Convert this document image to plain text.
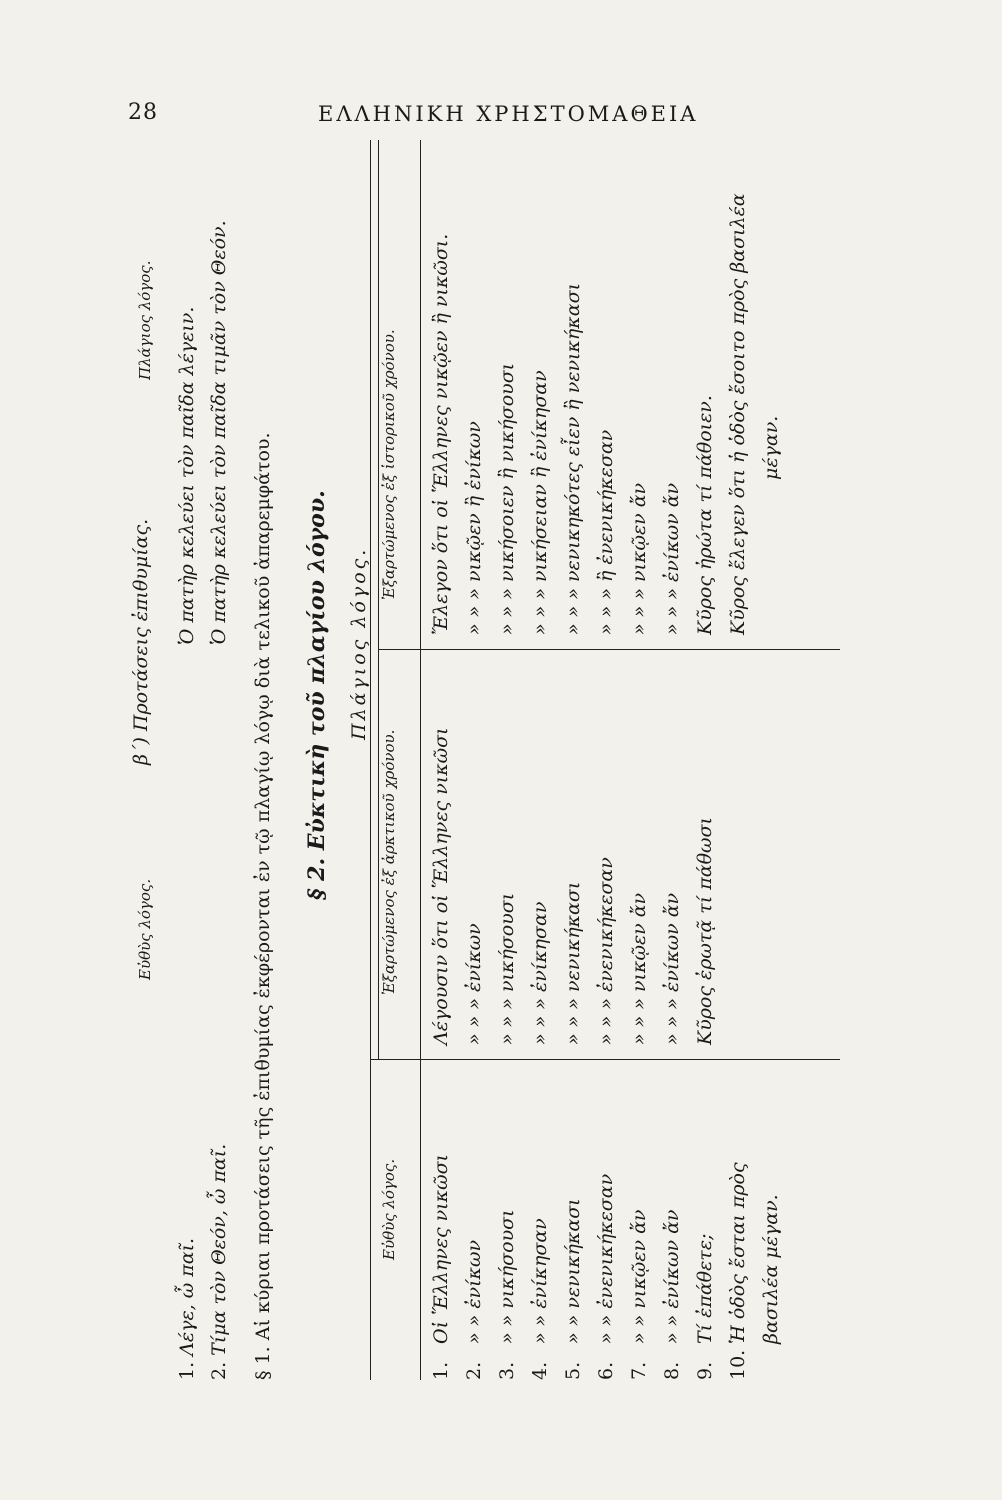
28	ΕΛΛΗΝΙΚΗ ΧΡΗΣΤΟΜΑΘΕΙΑ
Εὐθὺς λόγος.
β΄) Προτάσεις ἐπιθυμίας.
Πλάγιος λόγος.
1. Λέγε, ὦ παῖ.
2. Τίμα τὸν Θεόν, ὦ παῖ.
Ὁ πατὴρ κελεύει τὸν παῖδα λέγειν. Ὁ πατὴρ κελεύει τὸν παῖδα τιμᾶν τὸν Θεόν.
§ 1. Αἱ κύριαι προτάσεις τῆς ἐπιθυμίας ἐκφέρονται ἐν τῷ πλαγίῳ λόγῳ διὰ τελικοῦ ἀπαρεμφάτου. § 2. Εὐκτικὴ τοῦ πλαγίου λόγου.
Εὐθὺς λόγος.
Πλάγιος λόγος.
Ἐξαρτώμενος ἐξ ἀρκτικοῦ χρόνου.
Ἐξαρτώμενος ἐξ ἱστορικοῦ χρόνου.
1. 2. 3. 4. 5. 6. 7. 8. 9. 10.
Οἱ Ἕλληνες νικῶσι » » ἐνίκων » » νικήσουσι » » ἐνίκησαν » » νενικήκασι » » ἐνενικήκεσαν » » νικῷεν ἄν » » ἐνίκων ἄν Τί ἐπάθετε; Ἡ ὁδὸς ἔσται πρὸς βασιλέα μέγαν.
Λέγουσιν ὅτι οἱ Ἕλληνες νικῶσι » » » ἐνίκων » » » νικήσουσι » » » ἐνίκησαν » » » νενικήκασι » » » ἐνενικήκεσαν » » » νικῷεν ἄν » » » ἐνίκων ἄν Κῦρος ἐρωτᾷ τί πάθωσι
Ἔλεγον ὅτι οἱ Ἕλληνες νικῷεν ἢ νικῶσι. » » » νικῷεν ἢ ἐνίκων » » » νικήσοιεν ἢ νικήσουσι » » » νικήσειαν ἢ ἐνίκησαν » » » νενικηκότες εἶεν ἢ νενικήκασι » » » ἢ ἐνενικήκεσαν » » » νικῷεν ἄν » » » ἐνίκων ἄν Κῦρος ἠρώτα τί πάθοιεν. Κῦρος ἔλεγεν ὅτι ἡ ὁδὸς ἔσοιτο πρὸς βασιλέα μέγαν.
